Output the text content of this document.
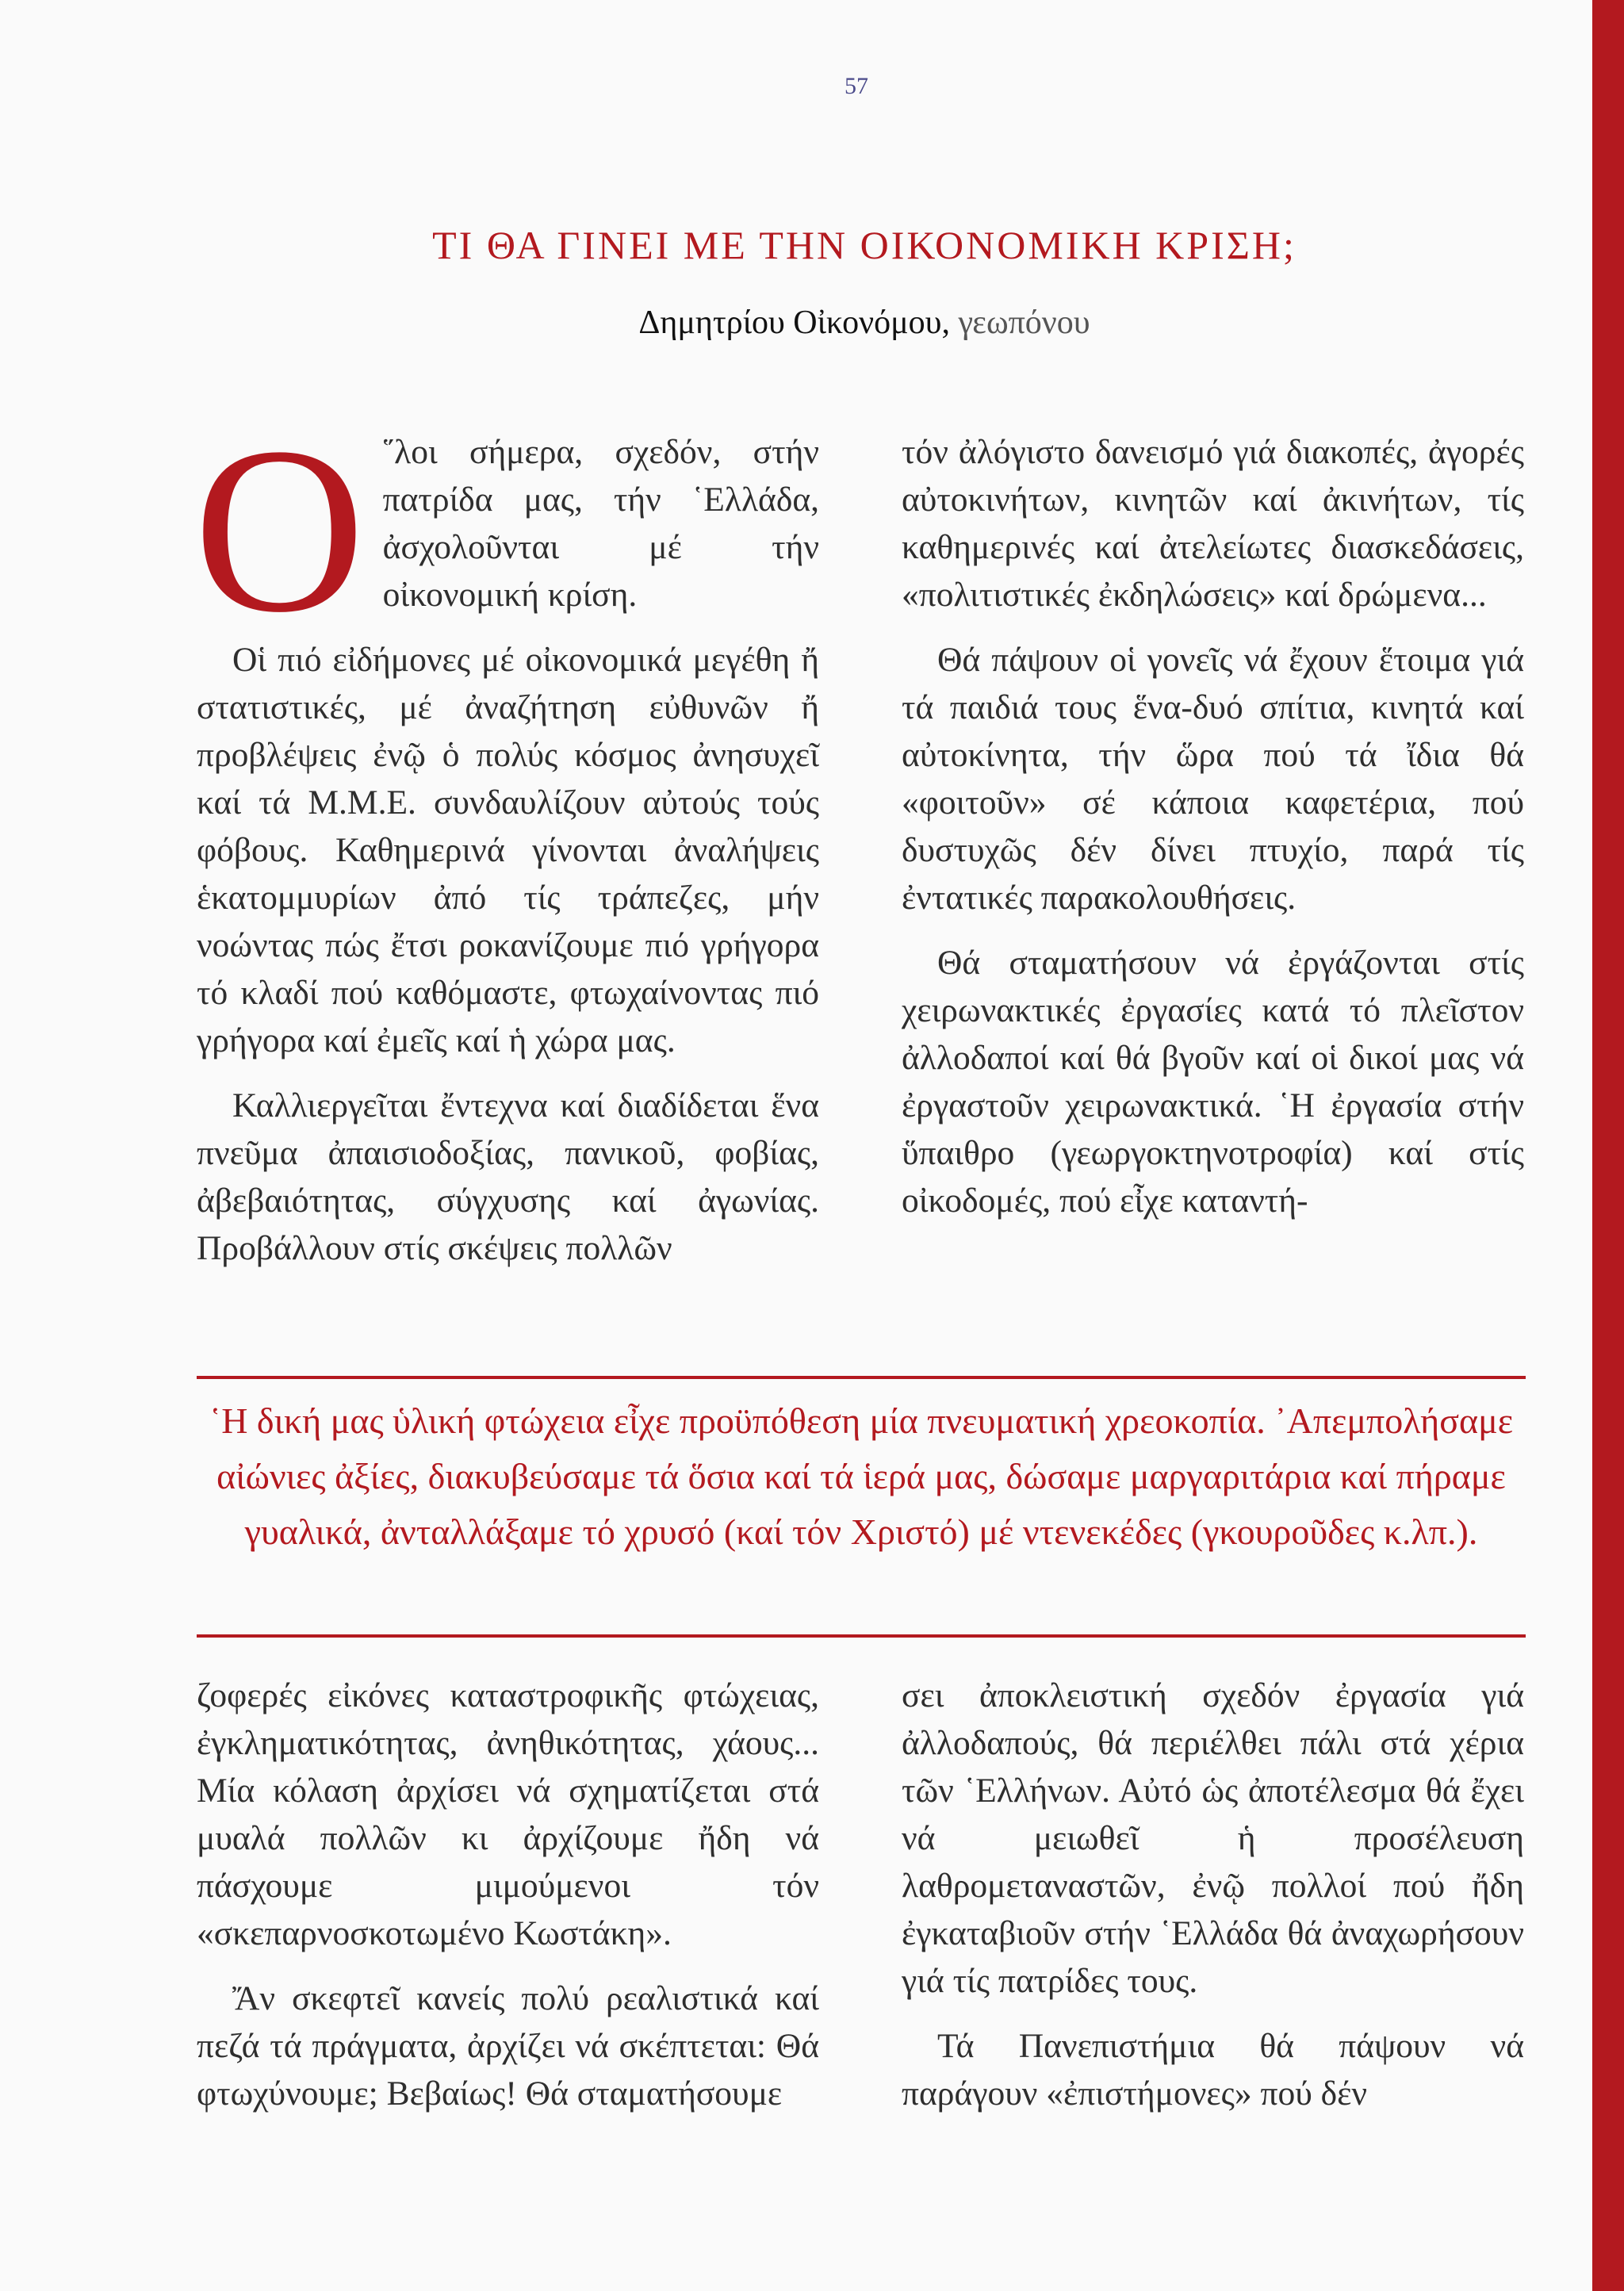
57
ΤΙ ΘΑ ΓΙΝΕΙ ΜΕ ΤΗΝ ΟΙΚΟΝΟΜΙΚΗ ΚΡΙΣΗ;
Δημητρίου Οἰκονόμου, γεωπόνου

Ο ῞λοι σήμερα, σχεδόν, στήν πατρίδα μας, τήν ῾Ελλάδα, ἀσχολοῦνται μέ τήν οἰκονομική κρίση.

Οἱ πιό εἰδήμονες μέ οἰκονομικά μεγέθη ἤ στατιστικές, μέ ἀναζήτηση εὐθυνῶν ἤ προβλέψεις ἐνῷ ὁ πολύς κόσμος ἀνησυχεῖ καί τά Μ.Μ.Ε. συνδαυλίζουν αὐτούς τούς φόβους. Καθημερινά γίνονται ἀναλήψεις ἑκατομμυρίων ἀπό τίς τράπεζες, μήν νοώντας πώς ἔτσι ροκανίζουμε πιό γρήγορα τό κλαδί πού καθόμαστε, φτωχαίνοντας πιό γρήγορα καί ἐμεῖς καί ἡ χώρα μας.

Καλλιεργεῖται ἔντεχνα καί διαδίδεται ἕνα πνεῦμα ἀπαισιοδοξίας, πανικοῦ, φοβίας, ἀβεβαιότητας, σύγχυσης καί ἀγωνίας. Προβάλλουν στίς σκέψεις πολλῶν

τόν ἀλόγιστο δανεισμό γιά διακοπές, ἀγορές αὐτοκινήτων, κινητῶν καί ἀκινήτων, τίς καθημερινές καί ἀτελείωτες διασκεδάσεις, «πολιτιστικές ἐκδηλώσεις» καί δρώμενα...

Θά πάψουν οἱ γονεῖς νά ἔχουν ἕτοιμα γιά τά παιδιά τους ἕνα-δυό σπίτια, κινητά καί αὐτοκίνητα, τήν ὥρα πού τά ἴδια θά «φοιτοῦν» σέ κάποια καφετέρια, πού δυστυχῶς δέν δίνει πτυχίο, παρά τίς ἐντατικές παρακολουθήσεις.

Θά σταματήσουν νά ἐργάζονται στίς χειρωνακτικές ἐργασίες κατά τό πλεῖστον ἀλλοδαποί καί θά βγοῦν καί οἱ δικοί μας νά ἐργαστοῦν χειρωνακτικά. ῾Η ἐργασία στήν ὕπαιθρο (γεωργοκτηνοτροφία) καί στίς οἰκοδομές, πού εἶχε καταντή-

῾Η δική μας ὑλική φτώχεια εἶχε προϋπόθεση μία πνευματική χρεοκοπία. ᾿Απεμπολήσαμε αἰώνιες ἀξίες, διακυβεύσαμε τά ὅσια καί τά ἱερά μας, δώσαμε μαργαριτάρια καί πήραμε γυαλικά, ἀνταλλάξαμε τό χρυσό (καί τόν Χριστό) μέ ντενεκέδες (γκουροῦδες κ.λπ.).

ζοφερές εἰκόνες καταστροφικῆς φτώχειας, ἐγκληματικότητας, ἀνηθικότητας, χάους... Μία κόλαση ἀρχίσει νά σχηματίζεται στά μυαλά πολλῶν κι ἀρχίζουμε ἤδη νά πάσχουμε μιμούμενοι τόν «σκεπαρνοσκοτωμένο Κωστάκη».

Ἄν σκεφτεῖ κανείς πολύ ρεαλιστικά καί πεζά τά πράγματα, ἀρχίζει νά σκέπτεται: Θά φτωχύνουμε; Βεβαίως! Θά σταματήσουμε

σει ἀποκλειστική σχεδόν ἐργασία γιά ἀλλοδαπούς, θά περιέλθει πάλι στά χέρια τῶν ῾Ελλήνων. Αὐτό ὡς ἀποτέλεσμα θά ἔχει νά μειωθεῖ ἡ προσέλευση λαθρομεταναστῶν, ἐνῷ πολλοί πού ἤδη ἐγκαταβιοῦν στήν ῾Ελλάδα θά ἀναχωρήσουν γιά τίς πατρίδες τους.

Τά Πανεπιστήμια θά πάψουν νά παράγουν «ἐπιστήμονες» πού δέν
